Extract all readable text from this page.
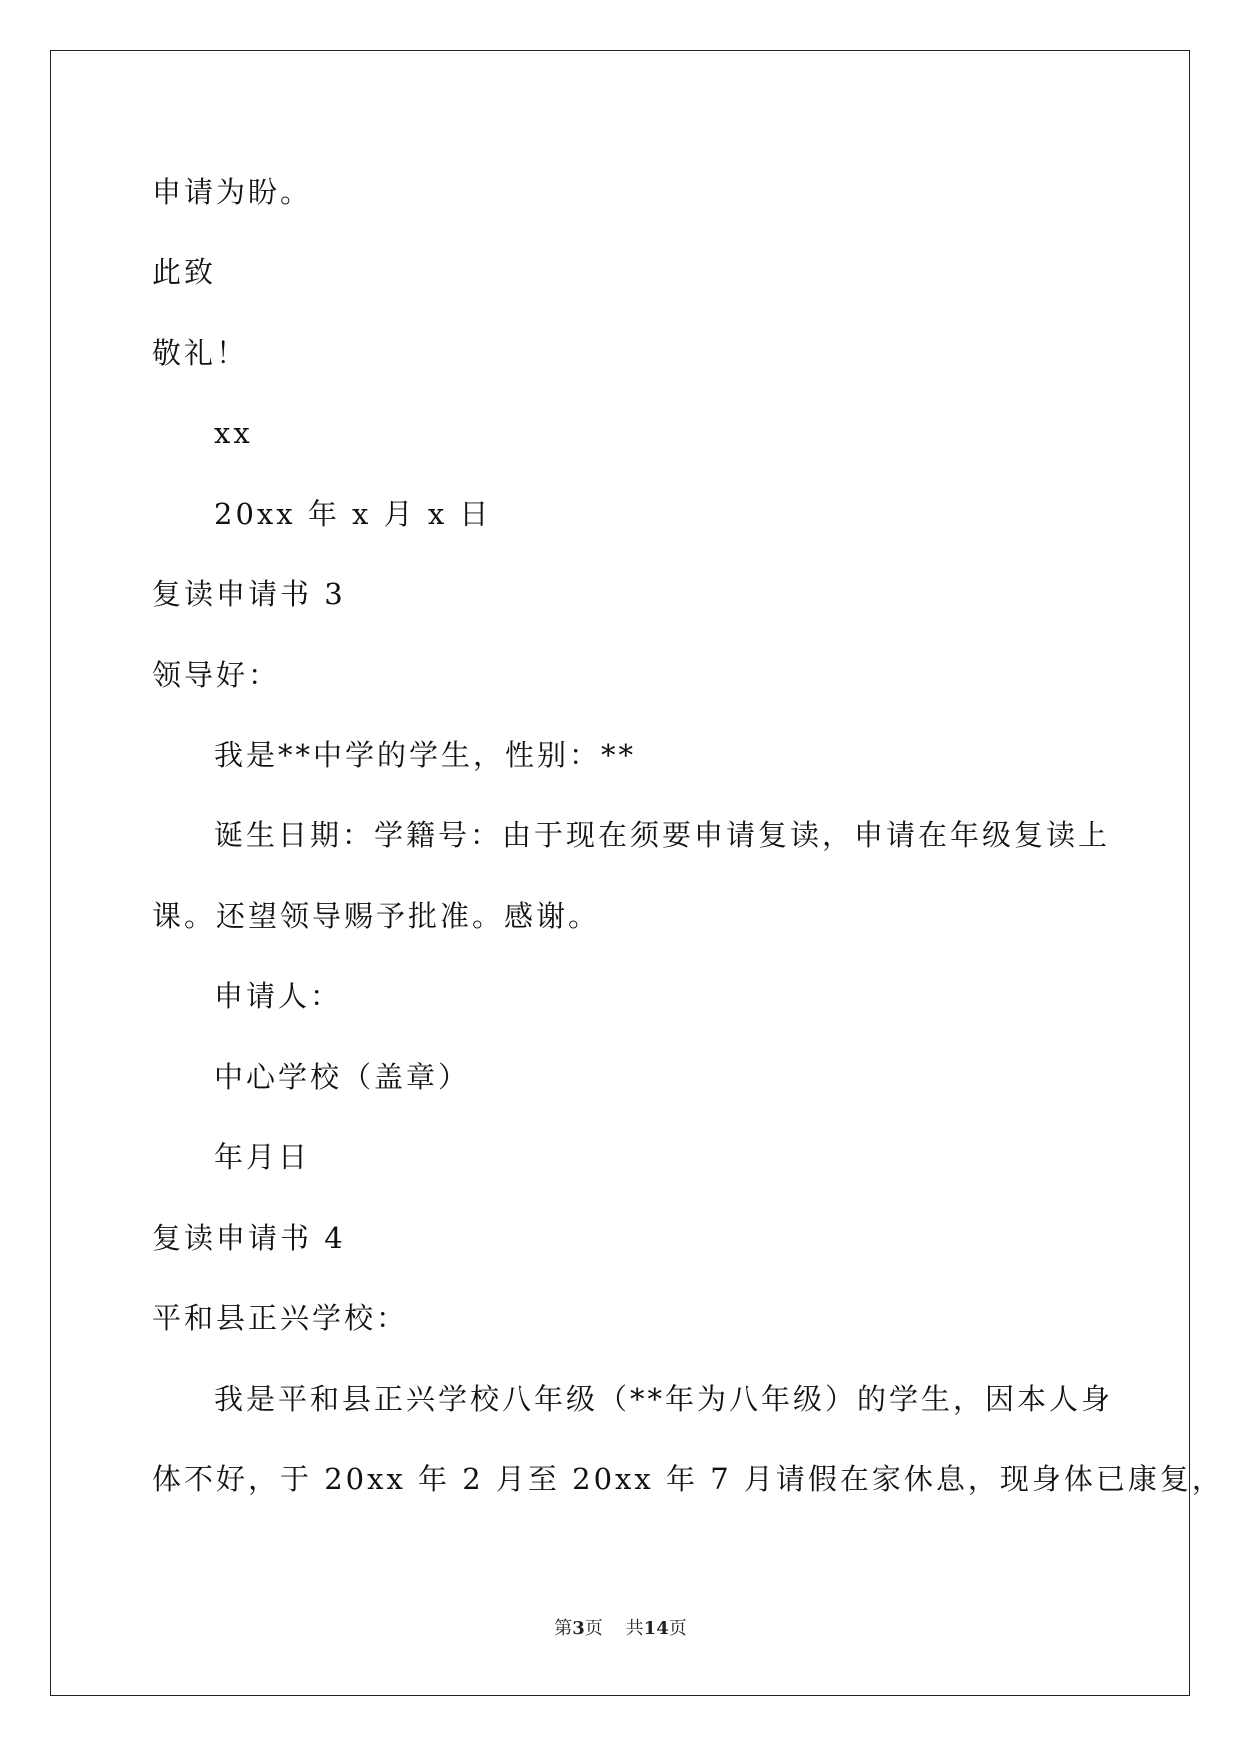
申请为盼。
此致
敬礼！
xx
20xx 年 x 月 x 日
复读申请书 3
领导好：
我是**中学的学生，性别：**
诞生日期：学籍号：由于现在须要申请复读，申请在年级复读上
课。还望领导赐予批准。感谢。
申请人：
中心学校（盖章）
年月日
复读申请书 4
平和县正兴学校：
我是平和县正兴学校八年级（**年为八年级）的学生，因本人身
体不好，于 20xx 年 2 月至 20xx 年 7 月请假在家休息，现身体已康复，
第3页 共14页
